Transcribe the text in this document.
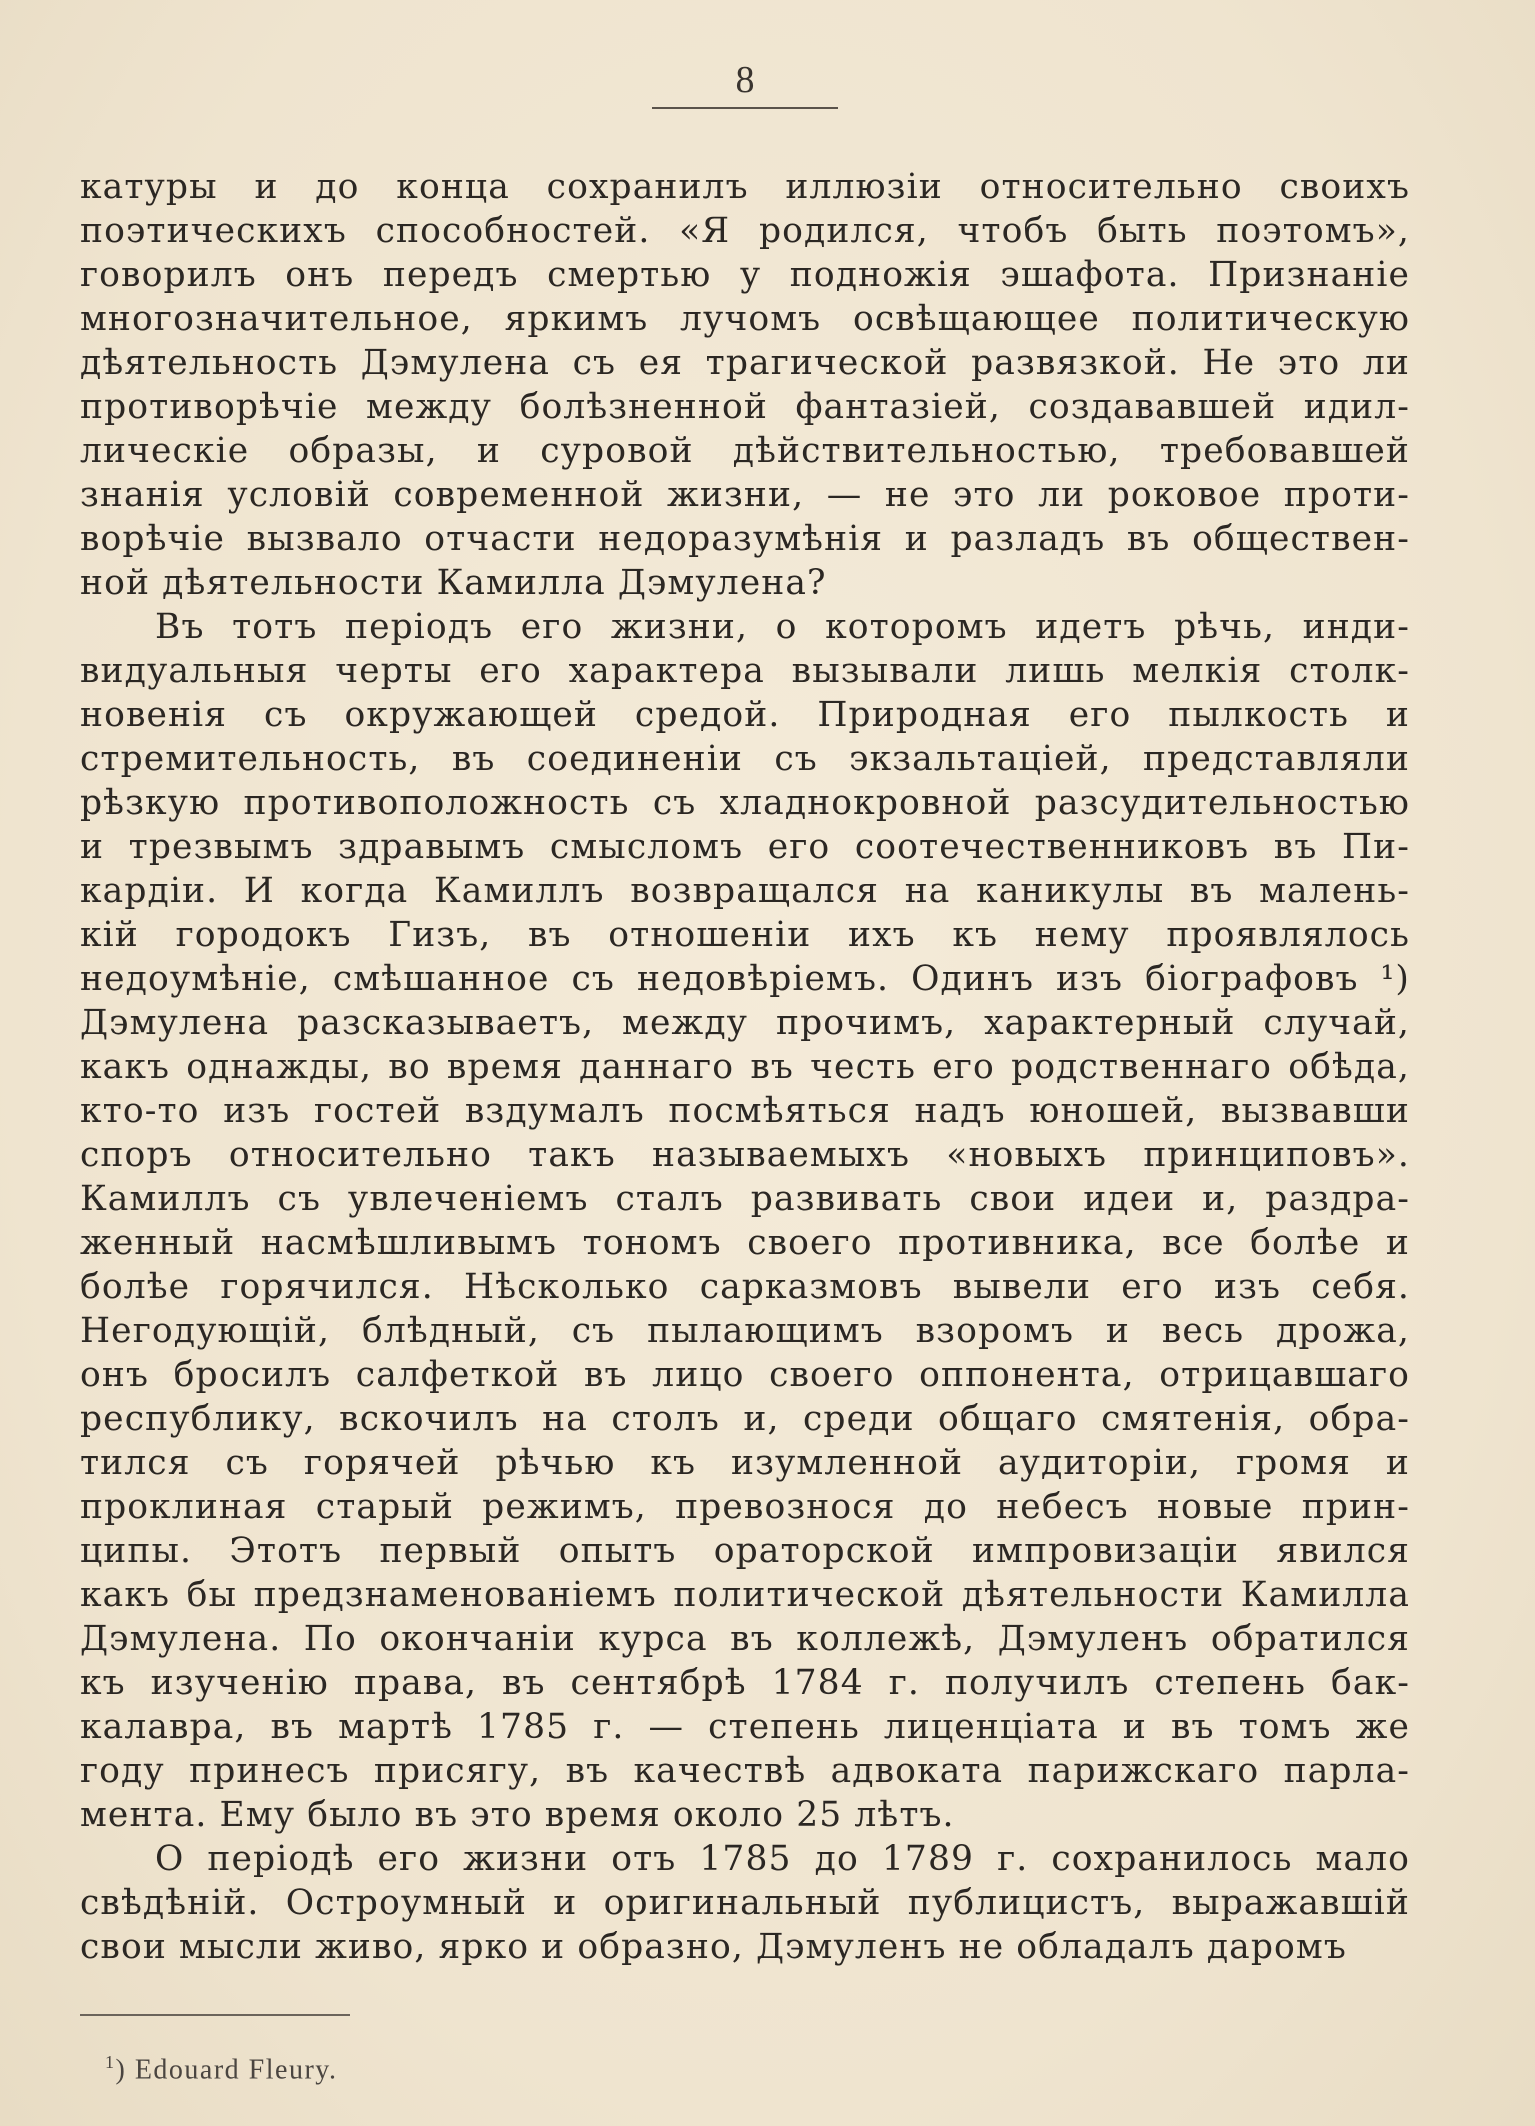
8
катуры и до конца сохранилъ иллюзіи относительно своихъ
поэтическихъ способностей. «Я родился, чтобъ быть поэтомъ»,
говорилъ онъ передъ смертью у подножія эшафота. Признаніе
многозначительное, яркимъ лучомъ освѣщающее политическую
дѣятельность Дэмулена съ ея трагической развязкой. Не это ли
противорѣчіе между болѣзненной фантазіей, создававшей идил-
лическіе образы, и суровой дѣйствительностью, требовавшей
знанія условій современной жизни, — не это ли роковое проти-
ворѣчіе вызвало отчасти недоразумѣнія и разладъ въ обществен-
ной дѣятельности Камилла Дэмулена?
Въ тотъ періодъ его жизни, о которомъ идетъ рѣчь, инди-
видуальныя черты его характера вызывали лишь мелкія столк-
новенія съ окружающей средой. Природная его пылкость и
стремительность, въ соединеніи съ экзальтаціей, представляли
рѣзкую противоположность съ хладнокровной разсудительностью
и трезвымъ здравымъ смысломъ его соотечественниковъ въ Пи-
кардіи. И когда Камиллъ возвращался на каникулы въ малень-
кій городокъ Гизъ, въ отношеніи ихъ къ нему проявлялось
недоумѣніе, смѣшанное съ недовѣріемъ. Одинъ изъ біографовъ ¹)
Дэмулена разсказываетъ, между прочимъ, характерный случай,
какъ однажды, во время даннаго въ честь его родственнаго обѣда,
кто-то изъ гостей вздумалъ посмѣяться надъ юношей, вызвавши
споръ относительно такъ называемыхъ «новыхъ принциповъ».
Камиллъ съ увлеченіемъ сталъ развивать свои идеи и, раздра-
женный насмѣшливымъ тономъ своего противника, все болѣе и
болѣе горячился. Нѣсколько сарказмовъ вывели его изъ себя.
Негодующій, блѣдный, съ пылающимъ взоромъ и весь дрожа,
онъ бросилъ салфеткой въ лицо своего оппонента, отрицавшаго
республику, вскочилъ на столъ и, среди общаго смятенія, обра-
тился съ горячей рѣчью къ изумленной аудиторіи, громя и
проклиная старый режимъ, превознося до небесъ новые прин-
ципы. Этотъ первый опытъ ораторской импровизаціи явился
какъ бы предзнаменованіемъ политической дѣятельности Камилла
Дэмулена. По окончаніи курса въ коллежѣ, Дэмуленъ обратился
къ изученію права, въ сентябрѣ 1784 г. получилъ степень бак-
калавра, въ мартѣ 1785 г. — степень лиценціата и въ томъ же
году принесъ присягу, въ качествѣ адвоката парижскаго парла-
мента. Ему было въ это время около 25 лѣтъ.
О періодѣ его жизни отъ 1785 до 1789 г. сохранилось мало
свѣдѣній. Остроумный и оригинальный публицистъ, выражавшій
свои мысли живо, ярко и образно, Дэмуленъ не обладалъ даромъ
$^1$) Edouard Fleury.
